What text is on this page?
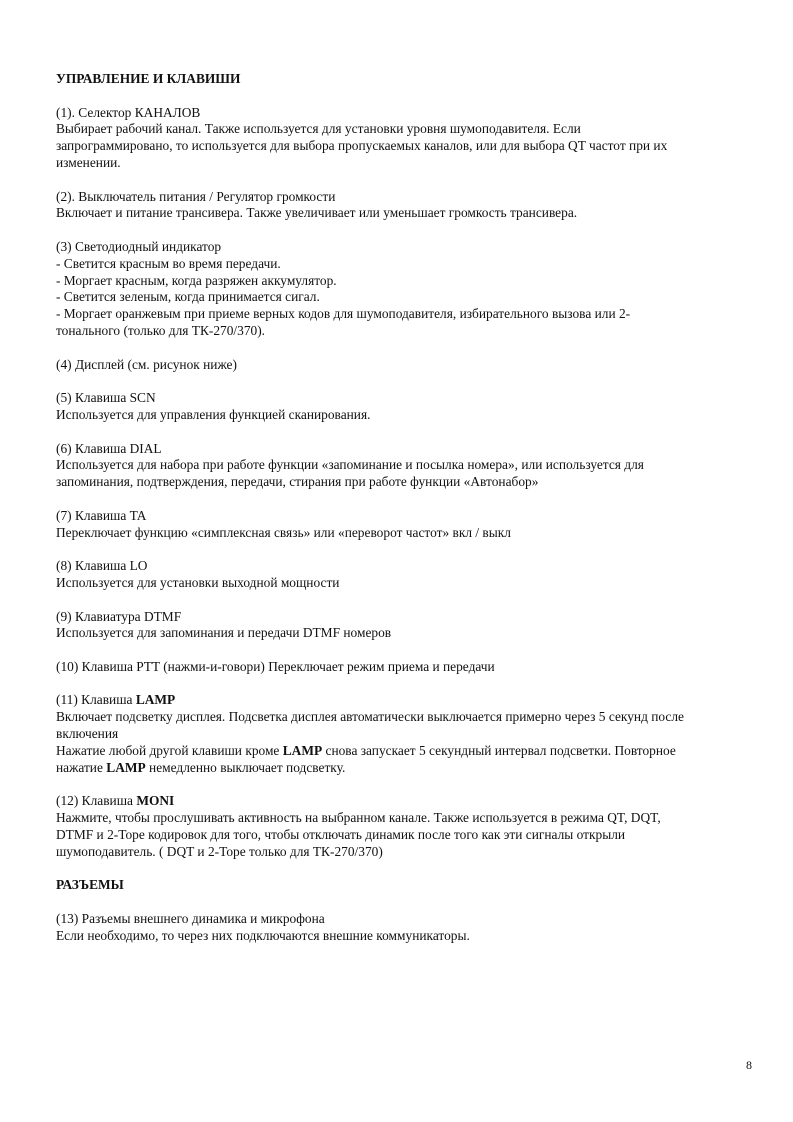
УПРАВЛЕНИЕ И КЛАВИШИ

(1). Селектор КАНАЛОВ
Выбирает рабочий канал. Также используется для установки уровня шумоподавителя. Если
запрограммировано, то используется для выбора пропускаемых каналов, или для выбора QT частот при их
изменении.
(2). Выключатель питания / Регулятор громкости
Включает и питание трансивера. Также увеличивает или уменьшает громкость трансивера.
(3) Светодиодный индикатор
- Светится красным во время передачи.
- Моргает красным, когда разряжен аккумулятор.
- Светится зеленым, когда принимается сигал.
- Моргает оранжевым при приеме верных кодов для шумоподавителя, избирательного вызова или 2-
тонального (только для ТК-270/370).
(4) Дисплей (см. рисунок ниже)
(5) Клавиша SCN
Используется для управления функцией сканирования.
(6) Клавиша DIAL
Используется для набора при работе функции «запоминание и посылка номера», или используется для
запоминания, подтверждения, передачи, стирания при работе функции «Автонабор»
(7) Клавиша TA
Переключает функцию «симплексная связь» или «переворот частот» вкл / выкл
(8) Клавиша LO
Используется для установки выходной мощности
(9) Клавиатура DTMF
Используется для запоминания и передачи DTMF номеров
(10) Клавиша PTT (нажми-и-говори) Переключает режим приема и передачи
(11) Клавиша LAMP
Включает подсветку дисплея. Подсветка дисплея автоматически выключается примерно через 5 секунд после
включения
Нажатие любой другой клавиши кроме LAMP снова запускает 5 секундный интервал подсветки. Повторное
нажатие LAMP немедленно выключает подсветку.
(12) Клавиша MONI
Нажмите, чтобы прослушивать активность на выбранном канале. Также используется в режима QT, DQT,
DTMF и 2-Tope кодировок для того, чтобы отключать динамик после того как эти сигналы открыли
шумоподавитель. ( DQT и 2-Tope только для ТК-270/370)

РАЗЪЕМЫ

(13) Разъемы внешнего динамика и микрофона
Если необходимо, то через них подключаются внешние коммуникаторы.
8
